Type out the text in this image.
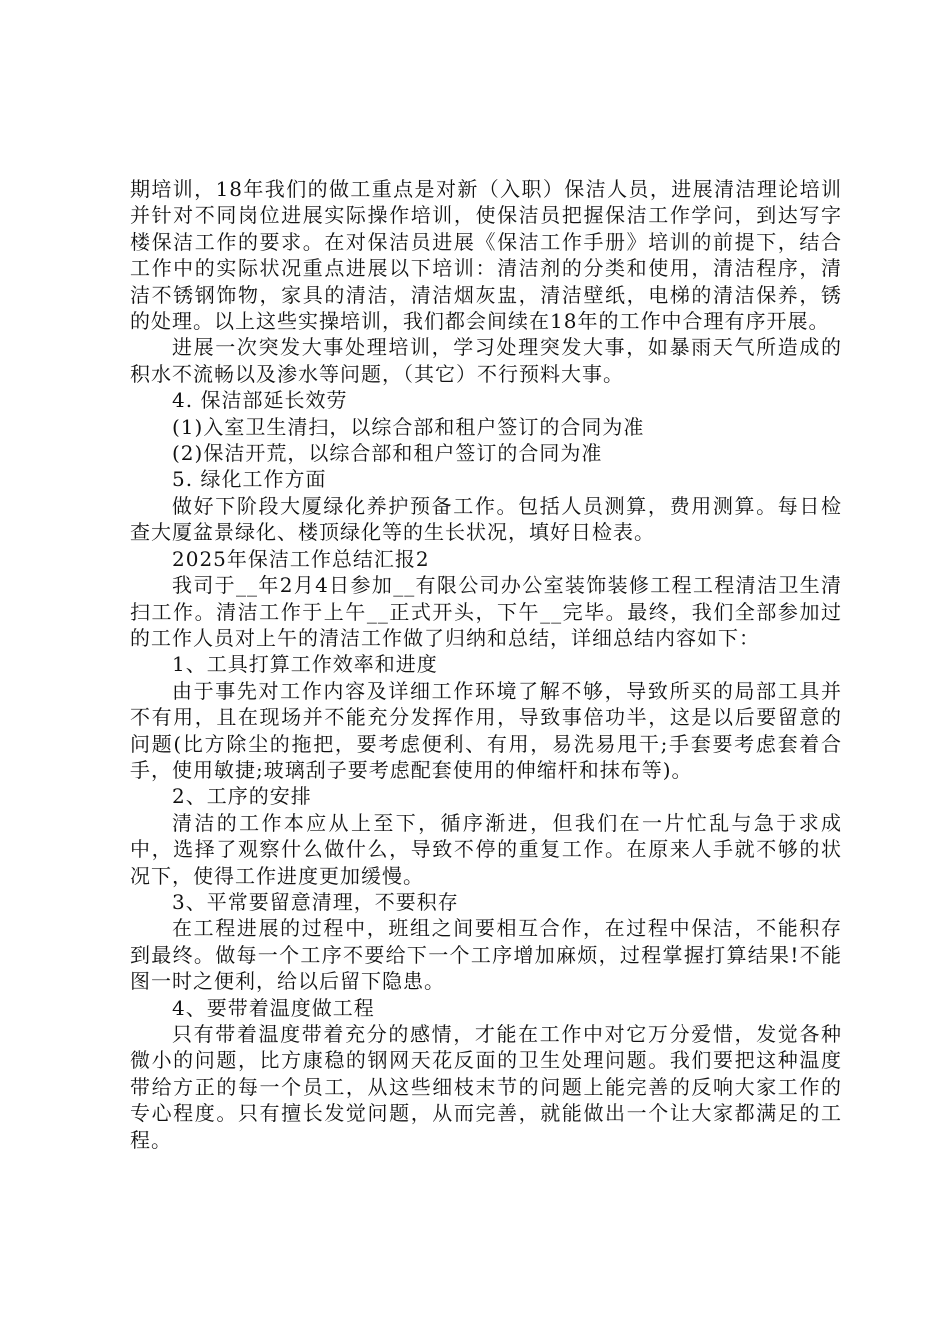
期培训，18年我们的做工重点是对新（入职）保洁人员，进展清洁理论培训并针对不同岗位进展实际操作培训，使保洁员把握保洁工作学问，到达写字楼保洁工作的要求。在对保洁员进展《保洁工作手册》培训的前提下，结合工作中的实际状况重点进展以下培训：清洁剂的分类和使用，清洁程序，清洁不锈钢饰物，家具的清洁，清洁烟灰盅，清洁壁纸，电梯的清洁保养，锈的处理。以上这些实操培训，我们都会间续在18年的工作中合理有序开展。

进展一次突发大事处理培训，学习处理突发大事，如暴雨天气所造成的积水不流畅以及渗水等问题，（其它）不行预料大事。

4. 保洁部延长效劳

(1)入室卫生清扫，以综合部和租户签订的合同为准

(2)保洁开荒，以综合部和租户签订的合同为准

5. 绿化工作方面

做好下阶段大厦绿化养护预备工作。包括人员测算，费用测算。每日检查大厦盆景绿化、楼顶绿化等的生长状况，填好日检表。

2025年保洁工作总结汇报2

我司于__年2月4日参加__有限公司办公室装饰装修工程工程清洁卫生清扫工作。清洁工作于上午__正式开头，下午__完毕。最终，我们全部参加过的工作人员对上午的清洁工作做了归纳和总结，详细总结内容如下：

1、工具打算工作效率和进度

由于事先对工作内容及详细工作环境了解不够，导致所买的局部工具并不有用，且在现场并不能充分发挥作用，导致事倍功半，这是以后要留意的问题(比方除尘的拖把，要考虑便利、有用，易洗易甩干;手套要考虑套着合手，使用敏捷;玻璃刮子要考虑配套使用的伸缩杆和抹布等)。

2、工序的安排

清洁的工作本应从上至下，循序渐进，但我们在一片忙乱与急于求成中，选择了观察什么做什么，导致不停的重复工作。在原来人手就不够的状况下，使得工作进度更加缓慢。

3、平常要留意清理，不要积存

在工程进展的过程中，班组之间要相互合作，在过程中保洁，不能积存到最终。做每一个工序不要给下一个工序增加麻烦，过程掌握打算结果!不能图一时之便利，给以后留下隐患。

4、要带着温度做工程

只有带着温度带着充分的感情，才能在工作中对它万分爱惜，发觉各种微小的问题，比方康稳的钢网天花反面的卫生处理问题。我们要把这种温度带给方正的每一个员工，从这些细枝末节的问题上能完善的反响大家工作的专心程度。只有擅长发觉问题，从而完善，就能做出一个让大家都满足的工程。
